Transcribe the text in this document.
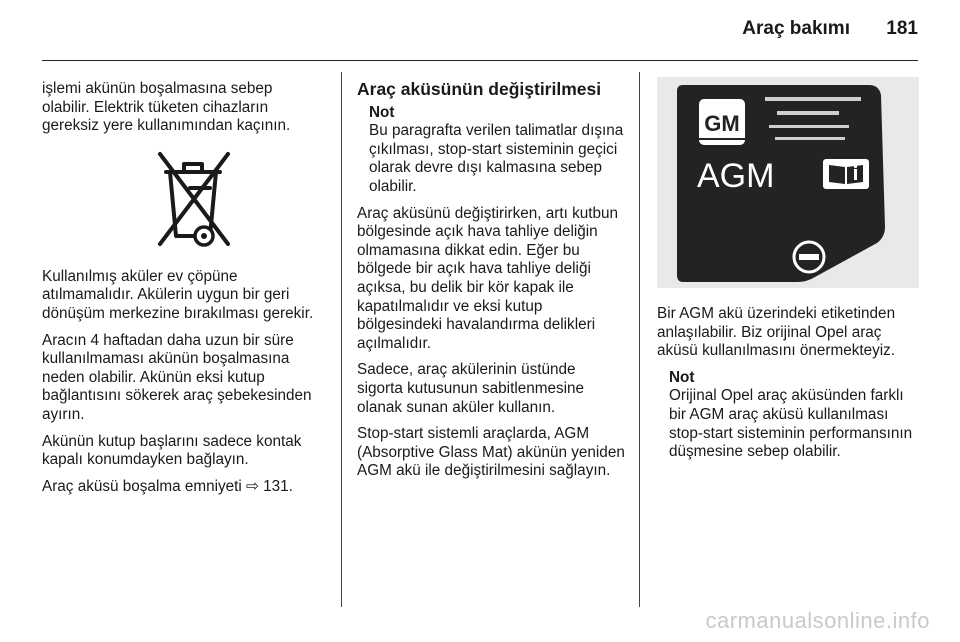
Araç bakımı 181

işlemi akünün boşalmasına sebep olabilir. Elektrik tüketen cihazların gereksiz yere kullanımından kaçının.

Kullanılmış aküler ev çöpüne atılmamalıdır. Akülerin uygun bir geri dönüşüm merkezine bırakılması gerekir.

Aracın 4 haftadan daha uzun bir süre kullanılmaması akünün boşalmasına neden olabilir. Akünün eksi kutup bağlantısını sökerek araç şebekesinden ayırın.

Akünün kutup başlarını sadece kontak kapalı konumdayken bağlayın.

Araç aküsü boşalma emniyeti ⇨ 131.

Araç aküsünün değiştirilmesi

Not
Bu paragrafta verilen talimatlar dışına çıkılması, stop-start sisteminin geçici olarak devre dışı kalmasına sebep olabilir.

Araç aküsünü değiştirirken, artı kutbun bölgesinde açık hava tahliye deliğin olmamasına dikkat edin. Eğer bu bölgede bir açık hava tahliye deliği açıksa, bu delik bir kör kapak ile kapatılmalıdır ve eksi kutup bölgesindeki havalandırma delikleri açılmalıdır.

Sadece, araç akülerinin üstünde sigorta kutusunun sabitlenmesine olanak sunan aküler kullanın.

Stop-start sistemli araçlarda, AGM (Absorptive Glass Mat) akünün yeniden AGM akü ile değiştirilmesini sağlayın.

GM
AGM

Bir AGM akü üzerindeki etiketinden anlaşılabilir. Biz orijinal Opel araç aküsü kullanılmasını önermekteyiz.

Not
Orijinal Opel araç aküsünden farklı bir AGM araç aküsü kullanılması stop-start sisteminin performansının düşmesine sebep olabilir.
carmanualsonline.info
